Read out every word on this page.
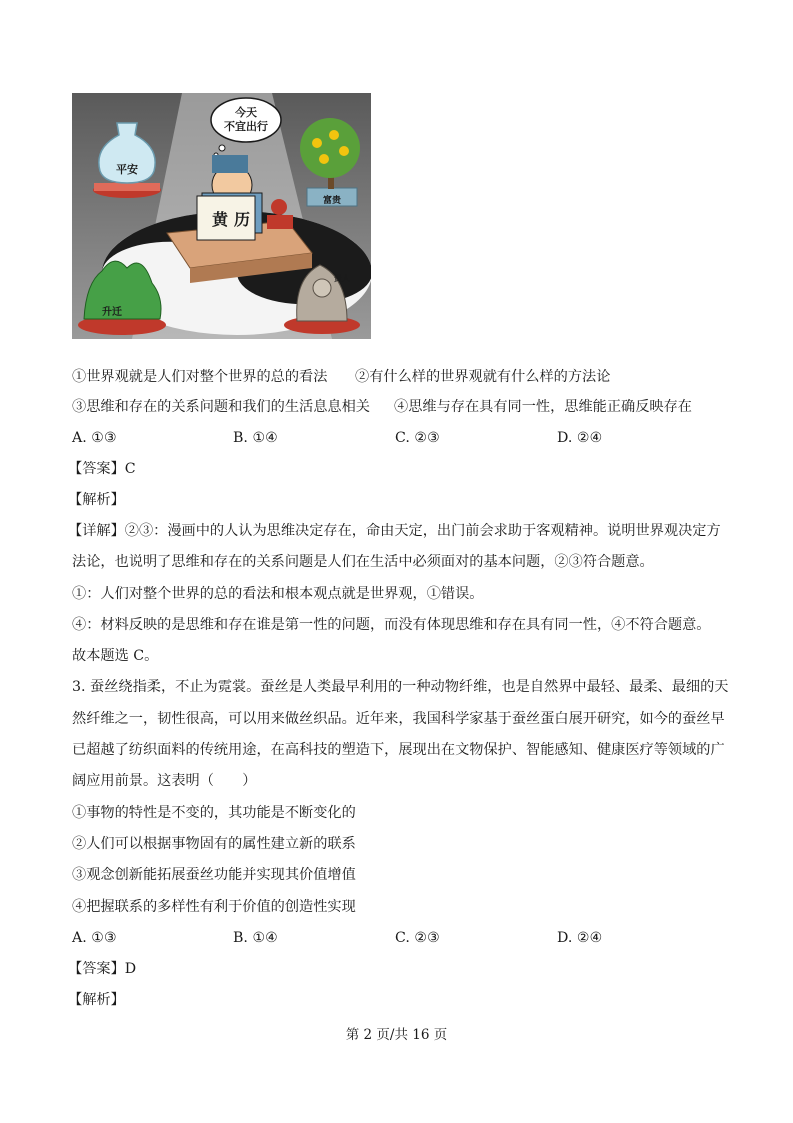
平安
今天
不宜出行
富贵
黄 历
升迁
贵人
①世界观就是人们对整个世界的总的看法 ②有什么样的世界观就有什么样的方法论
③思维和存在的关系问题和我们的生活息息相关 ④思维与存在具有同一性，思维能正确反映存在
A. ①③	B. ①④	C. ②③	D. ②④
【答案】C
【解析】
【详解】②③：漫画中的人认为思维决定存在，命由天定，出门前会求助于客观精神。说明世界观决定方
法论，也说明了思维和存在的关系问题是人们在生活中必须面对的基本问题，②③符合题意。
①：人们对整个世界的总的看法和根本观点就是世界观，①错误。
④：材料反映的是思维和存在谁是第一性的问题，而没有体现思维和存在具有同一性，④不符合题意。
故本题选 C。
3. 蚕丝绕指柔，不止为霓裳。蚕丝是人类最早利用的一种动物纤维，也是自然界中最轻、最柔、最细的天
然纤维之一，韧性很高，可以用来做丝织品。近年来，我国科学家基于蚕丝蛋白展开研究，如今的蚕丝早
已超越了纺织面料的传统用途，在高科技的塑造下，展现出在文物保护、智能感知、健康医疗等领域的广
阔应用前景。这表明（　　）
①事物的特性是不变的，其功能是不断变化的
②人们可以根据事物固有的属性建立新的联系
③观念创新能拓展蚕丝功能并实现其价值增值
④把握联系的多样性有利于价值的创造性实现
A. ①③	B. ①④	C. ②③	D. ②④
【答案】D
【解析】
第 2 页/共 16 页
